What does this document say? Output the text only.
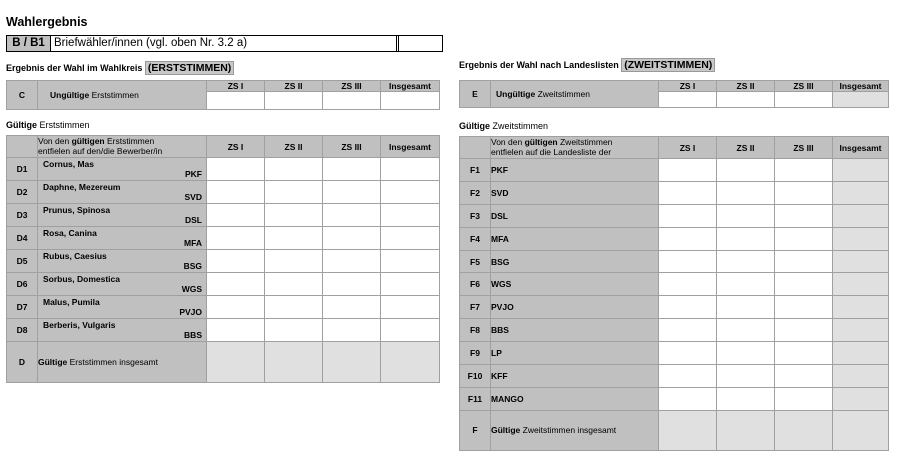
Wahlergebnis
B / B1 Briefwähler/innen (vgl. oben Nr. 3.2 a)
Ergebnis der Wahl im Wahlkreis (ERSTSTIMMEN)	Ergebnis der Wahl nach Landeslisten (ZWEITSTIMMEN)
C	Ungültige Erststimmen	ZS I	ZS II	ZS III	Insgesamt

Gültige Erststimmen
	Von den gültigen Erststimmen
entfielen auf den/die Bewerber/in	ZS I	ZS II	ZS III	Insgesamt
D1	Cornus, Mas
PKF				

D2	Daphne, Mezereum
SVD				

D3	Prunus, Spinosa
DSL				

D4	Rosa, Canina
MFA				

D5	Rubus, Caesius
BSG				

D6	Sorbus, Domestica
WGS				

D7	Malus, Pumila
PVJO				

D8	Berberis, Vulgaris
BBS				

D	Gültige Erststimmen insgesamt				
E	Ungültige Zweitstimmen	ZS I	ZS II	ZS III	Insgesamt

Gültige Zweitstimmen
	Von den gültigen Zweitstimmen
entfielen auf die Landesliste der	ZS I	ZS II	ZS III	Insgesamt
F1	PKF				
F2	SVD				
F3	DSL				
F4	MFA				
F5	BSG				
F6	WGS				
F7	PVJO				
F8	BBS				
F9	LP				
F10	KFF				
F11	MANGO				
F	Gültige Zweitstimmen insgesamt				
